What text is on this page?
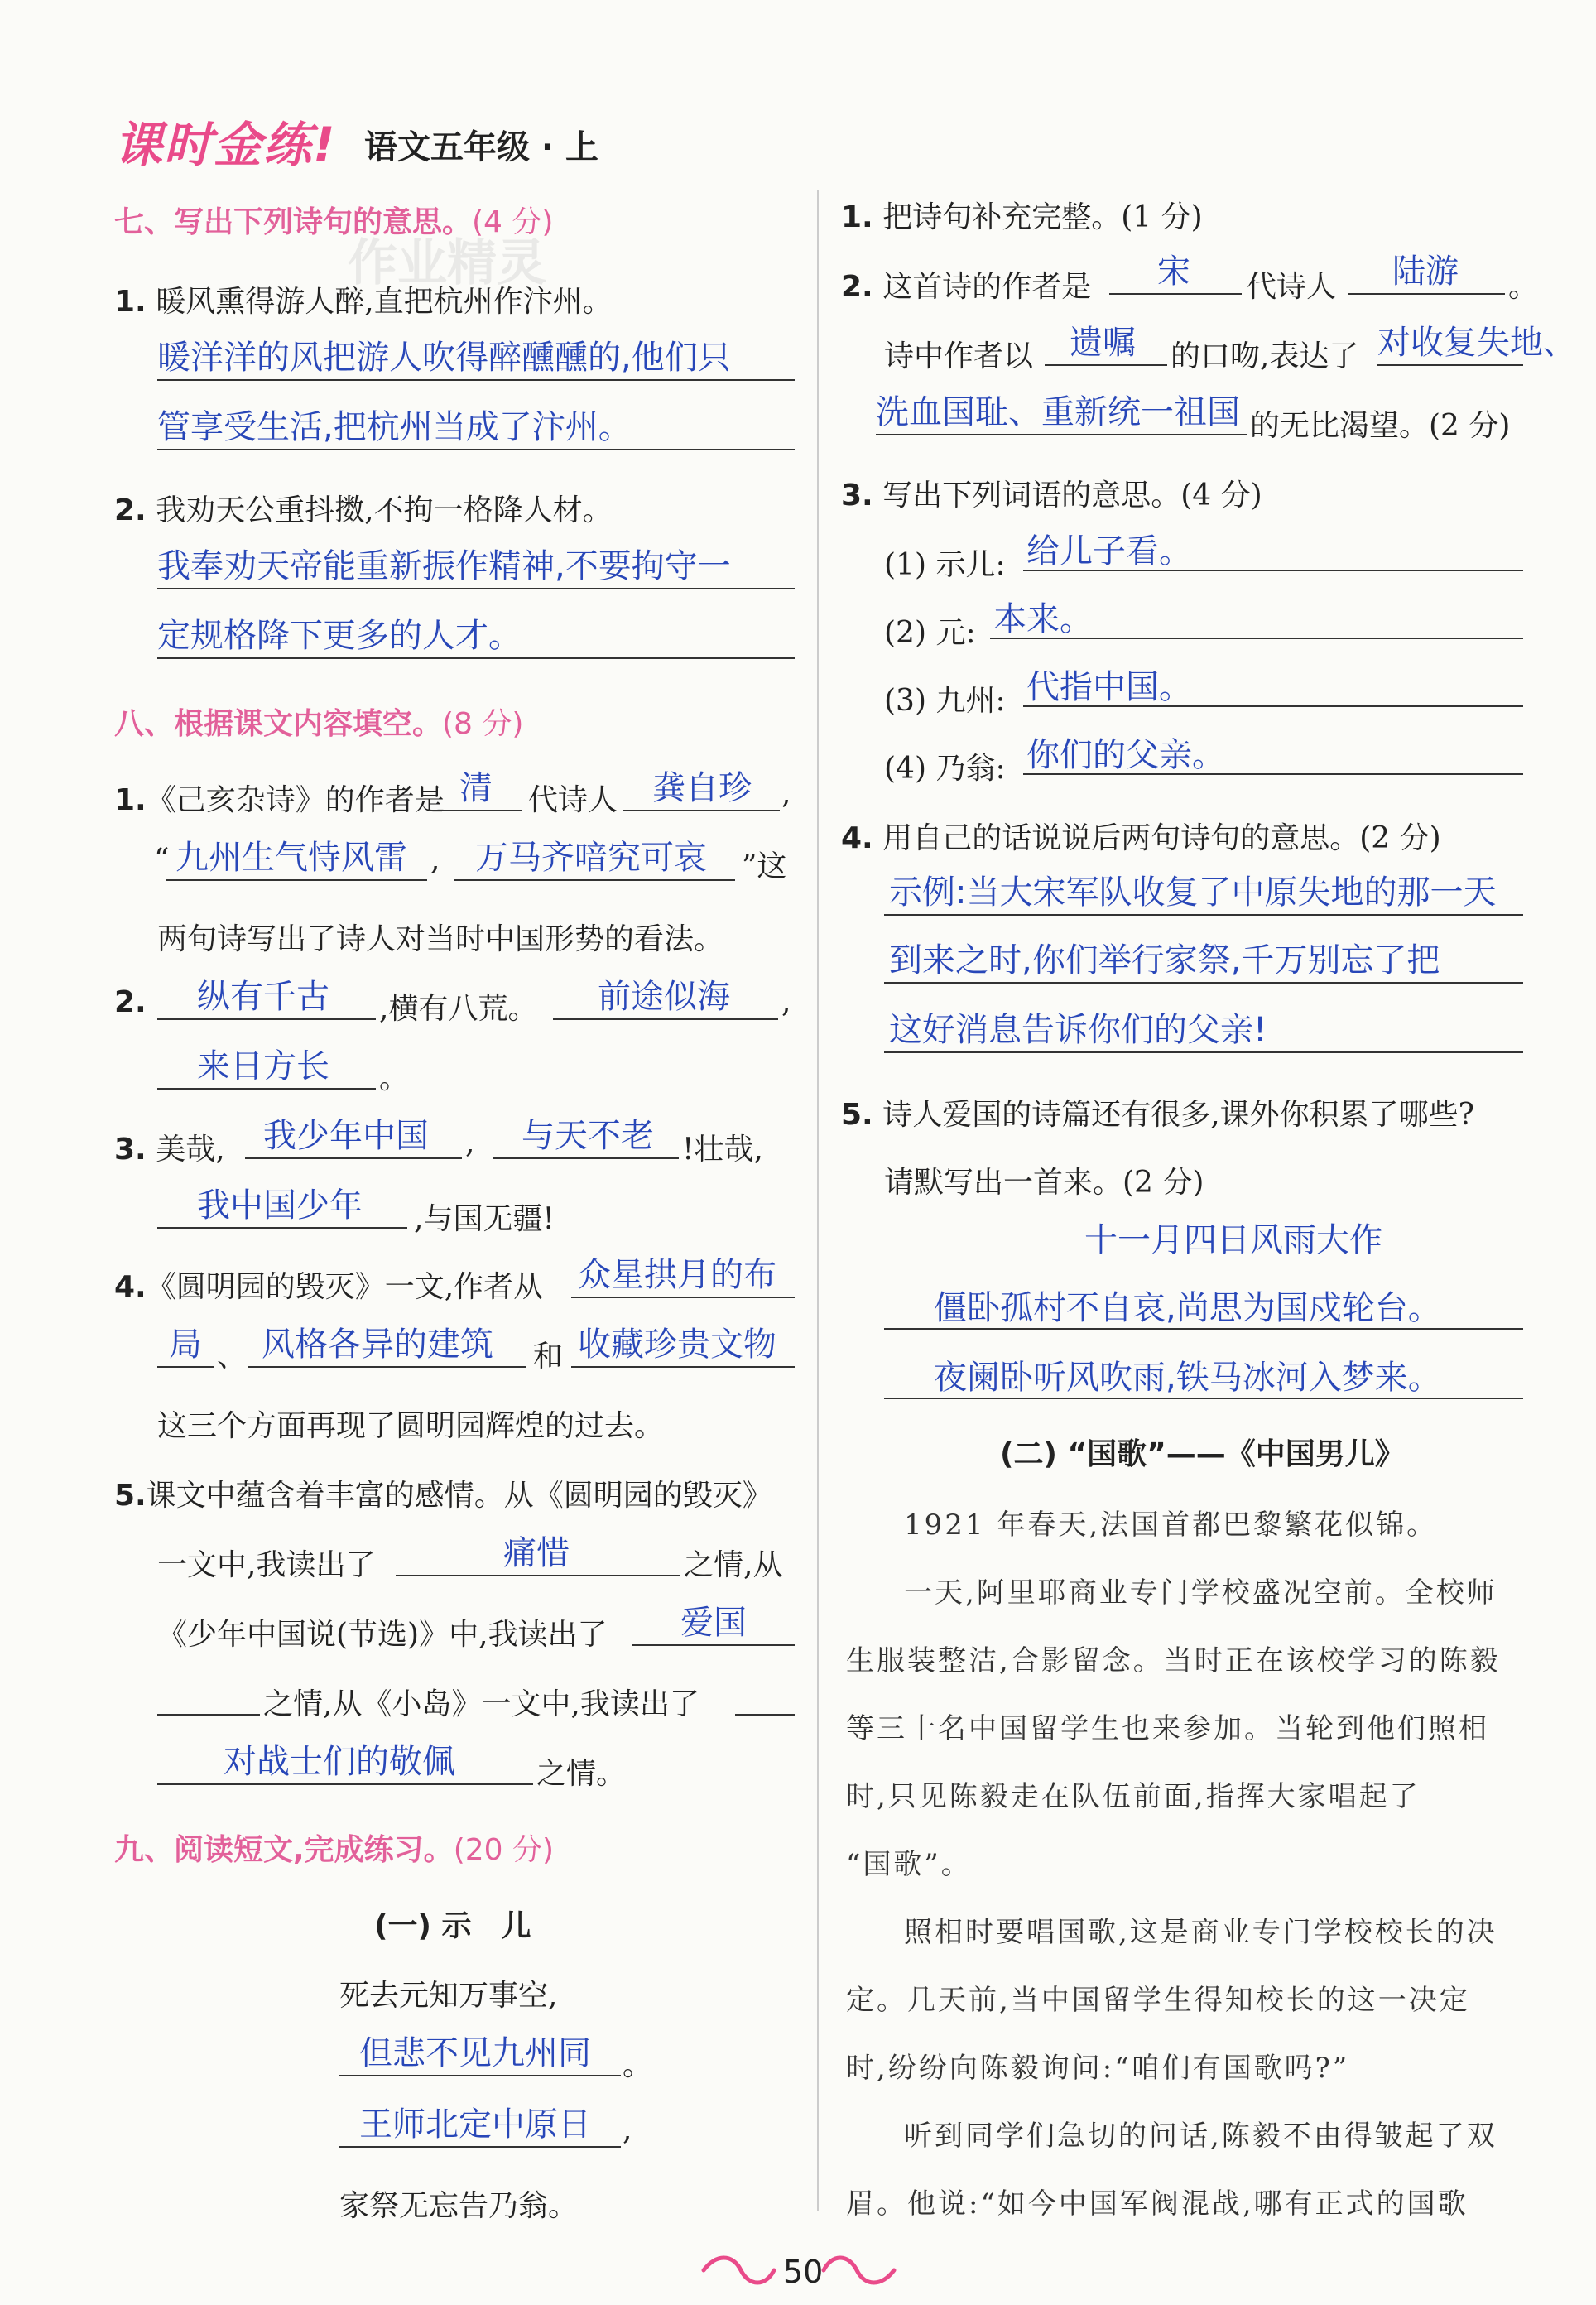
课时金练! 语文五年级 · 上
作业精灵
七、写出下列诗句的意思。(4 分)
1. 暖风熏得游人醉,直把杭州作汴州。
暖洋洋的风把游人吹得醉醺醺的,他们只
管享受生活,把杭州当成了汴州。
2. 我劝天公重抖擞,不拘一格降人材。
我奉劝天帝能重新振作精神,不要拘守一
定规格降下更多的人才。
八、根据课文内容填空。(8 分)
1.《己亥杂诗》的作者是 清 代诗人 龚自珍 ,
“ 九州生气恃风雷 , 万马齐喑究可哀 ”这
两句诗写出了诗人对当时中国形势的看法。
2. 纵有千古 ,横有八荒。 前途似海 ,
来日方长 。
3. 美哉, 我少年中国 , 与天不老 !壮哉,
我中国少年 ,与国无疆!
4.《圆明园的毁灭》一文,作者从 众星拱月的布
局 、 风格各异的建筑 和 收藏珍贵文物
这三个方面再现了圆明园辉煌的过去。
5.课文中蕴含着丰富的感情。从《圆明园的毁灭》
一文中,我读出了	痛惜	之情,从
《少年中国说(节选)》中,我读出了 爱国
之情,从《小岛》一文中,我读出了
对战士们的敬佩	之情。
九、阅读短文,完成练习。(20 分)
(一) 示　儿
死去元知万事空,
但悲不见九州同 。
王师北定中原日 ,
家祭无忘告乃翁。
1. 把诗句补充完整。(1 分)
2. 这首诗的作者是 宋 代诗人 陆游 。
诗中作者以 遗嘱 的口吻,表达了 对收复失地、
洗血国耻、重新统一祖国 的无比渴望。(2 分)
3. 写出下列词语的意思。(4 分)
(1) 示儿: 给儿子看。
(2) 元: 本来。
(3) 九州: 代指中国。
(4) 乃翁: 你们的父亲。
4. 用自己的话说说后两句诗句的意思。(2 分)
示例:当大宋军队收复了中原失地的那一天
到来之时,你们举行家祭,千万别忘了把
这好消息告诉你们的父亲!
5. 诗人爱国的诗篇还有很多,课外你积累了哪些?
请默写出一首来。(2 分)
十一月四日风雨大作
僵卧孤村不自哀,尚思为国戍轮台。
夜阑卧听风吹雨,铁马冰河入梦来。
(二) “国歌”——《中国男儿》
1921 年春天,法国首都巴黎繁花似锦。
一天,阿里耶商业专门学校盛况空前。全校师
生服装整洁,合影留念。当时正在该校学习的陈毅
等三十名中国留学生也来参加。当轮到他们照相
时,只见陈毅走在队伍前面,指挥大家唱起了
“国歌”。
照相时要唱国歌,这是商业专门学校校长的决
定。几天前,当中国留学生得知校长的这一决定
时,纷纷向陈毅询问:“咱们有国歌吗?”
听到同学们急切的问话,陈毅不由得皱起了双
眉。他说:“如今中国军阀混战,哪有正式的国歌
50
